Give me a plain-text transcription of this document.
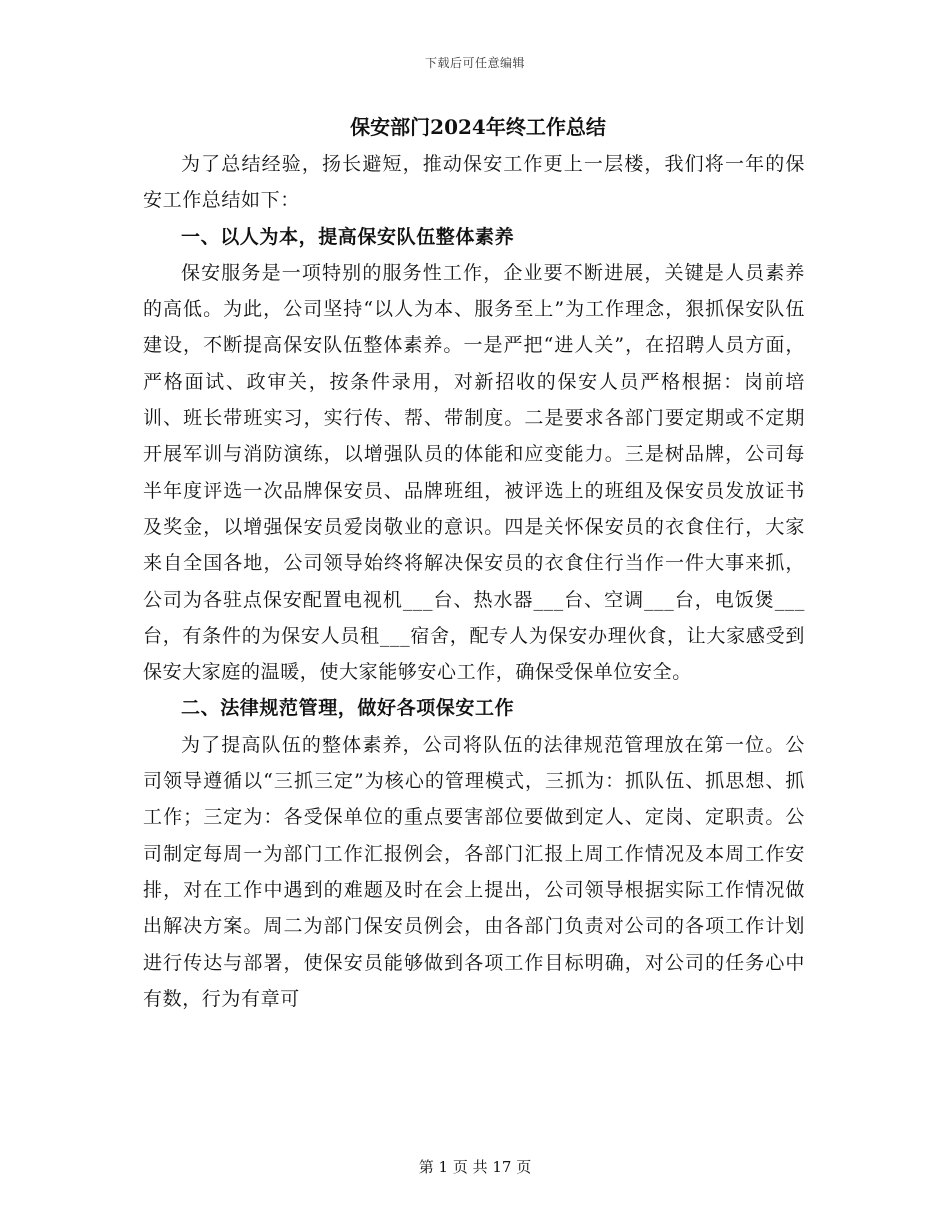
下载后可任意编辑
保安部门2024年终工作总结

为了总结经验，扬长避短，推动保安工作更上一层楼，我们将一年的保安工作总结如下：

一、以人为本，提高保安队伍整体素养

保安服务是一项特别的服务性工作，企业要不断进展，关键是人员素养的高低。为此，公司坚持“以人为本、服务至上”为工作理念，狠抓保安队伍建设，不断提高保安队伍整体素养。一是严把“进人关”，在招聘人员方面，严格面试、政审关，按条件录用，对新招收的保安人员严格根据：岗前培训、班长带班实习，实行传、帮、带制度。二是要求各部门要定期或不定期开展军训与消防演练，以增强队员的体能和应变能力。三是树品牌，公司每半年度评选一次品牌保安员、品牌班组，被评选上的班组及保安员发放证书及奖金，以增强保安员爱岗敬业的意识。四是关怀保安员的衣食住行，大家来自全国各地，公司领导始终将解决保安员的衣食住行当作一件大事来抓，公司为各驻点保安配置电视机___台、热水器___台、空调___台，电饭煲___台，有条件的为保安人员租___宿舍，配专人为保安办理伙食，让大家感受到保安大家庭的温暖，使大家能够安心工作，确保受保单位安全。

二、法律规范管理，做好各项保安工作

为了提高队伍的整体素养，公司将队伍的法律规范管理放在第一位。公司领导遵循以“三抓三定”为核心的管理模式，三抓为：抓队伍、抓思想、抓工作；三定为：各受保单位的重点要害部位要做到定人、定岗、定职责。公司制定每周一为部门工作汇报例会，各部门汇报上周工作情况及本周工作安排，对在工作中遇到的难题及时在会上提出，公司领导根据实际工作情况做出解决方案。周二为部门保安员例会，由各部门负责对公司的各项工作计划进行传达与部署，使保安员能够做到各项工作目标明确，对公司的任务心中有数，行为有章可

第 1 页 共 17 页
